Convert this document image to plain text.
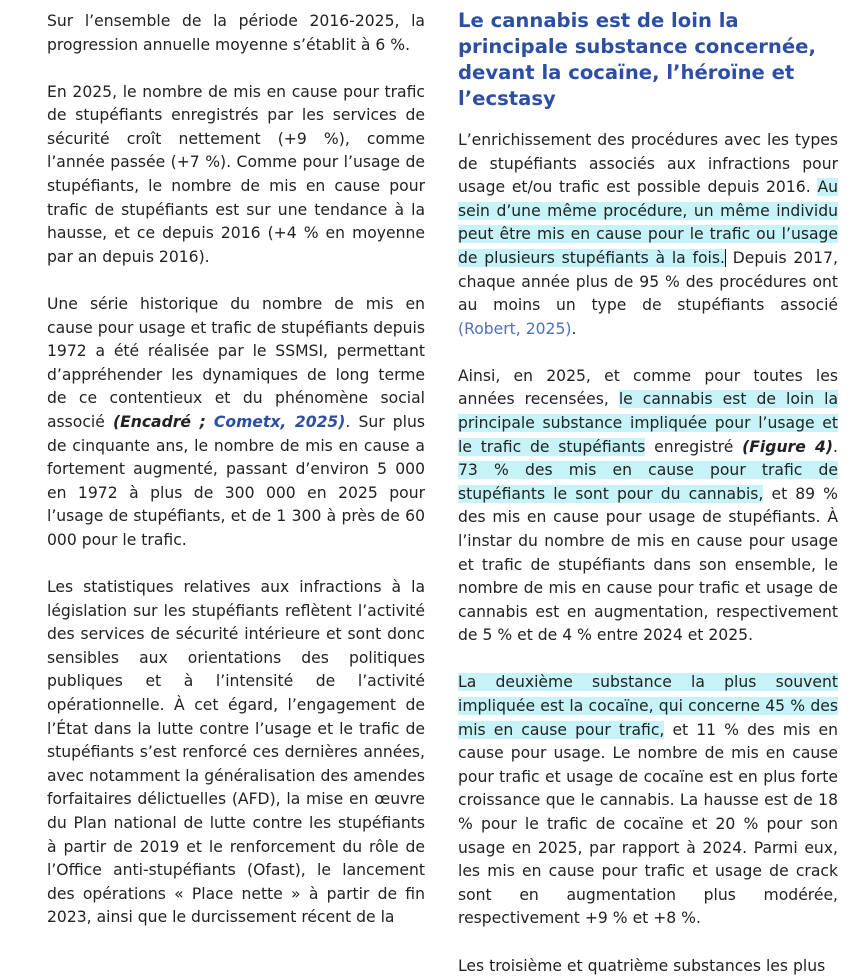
Sur l’ensemble de la période 2016-2025, la progression annuelle moyenne s’établit à 6 %.

En 2025, le nombre de mis en cause pour trafic de stupéfiants enregistrés par les services de sécurité croît nettement (+9 %), comme l’année passée (+7 %). Comme pour l’usage de stupéfiants, le nombre de mis en cause pour trafic de stupéfiants est sur une tendance à la hausse, et ce depuis 2016 (+4 % en moyenne par an depuis 2016).

Une série historique du nombre de mis en cause pour usage et trafic de stupéfiants depuis 1972 a été réalisée par le SSMSI, permettant d’appréhender les dynamiques de long terme de ce contentieux et du phénomène social associé (Encadré ; Cometx, 2025). Sur plus de cinquante ans, le nombre de mis en cause a fortement augmenté, passant d’environ 5 000 en 1972 à plus de 300 000 en 2025 pour l’usage de stupéfiants, et de 1 300 à près de 60 000 pour le trafic.

Les statistiques relatives aux infractions à la législation sur les stupéfiants reflètent l’activité des services de sécurité intérieure et sont donc sensibles aux orientations des politiques publiques et à l’intensité de l’activité opérationnelle. À cet égard, l’engagement de l’État dans la lutte contre l’usage et le trafic de stupéfiants s’est renforcé ces dernières années, avec notamment la généralisation des amendes forfaitaires délictuelles (AFD), la mise en œuvre du Plan national de lutte contre les stupéfiants à partir de 2019 et le renforcement du rôle de l’Office anti-stupéfiants (Ofast), le lancement des opérations « Place nette » à partir de fin 2023, ainsi que le durcissement récent de la

Le cannabis est de loin la principale substance concernée, devant la cocaïne, l’héroïne et l’ecstasy

L’enrichissement des procédures avec les types de stupéfiants associés aux infractions pour usage et/ou trafic est possible depuis 2016. Au sein d’une même procédure, un même individu peut être mis en cause pour le trafic ou l’usage de plusieurs stupéfiants à la fois. Depuis 2017, chaque année plus de 95 % des procédures ont au moins un type de stupéfiants associé (Robert, 2025).

Ainsi, en 2025, et comme pour toutes les années recensées, le cannabis est de loin la principale substance impliquée pour l’usage et le trafic de stupéfiants enregistré (Figure 4). 73 % des mis en cause pour trafic de stupéfiants le sont pour du cannabis, et 89 % des mis en cause pour usage de stupéfiants. À l’instar du nombre de mis en cause pour usage et trafic de stupéfiants dans son ensemble, le nombre de mis en cause pour trafic et usage de cannabis est en augmentation, respectivement de 5 % et de 4 % entre 2024 et 2025.

La deuxième substance la plus souvent impliquée est la cocaïne, qui concerne 45 % des mis en cause pour trafic, et 11 % des mis en cause pour usage. Le nombre de mis en cause pour trafic et usage de cocaïne est en plus forte croissance que le cannabis. La hausse est de 18 % pour le trafic de cocaïne et 20 % pour son usage en 2025, par rapport à 2024. Parmi eux, les mis en cause pour trafic et usage de crack sont en augmentation plus modérée, respectivement +9 % et +8 %.

Les troisième et quatrième substances les plus
